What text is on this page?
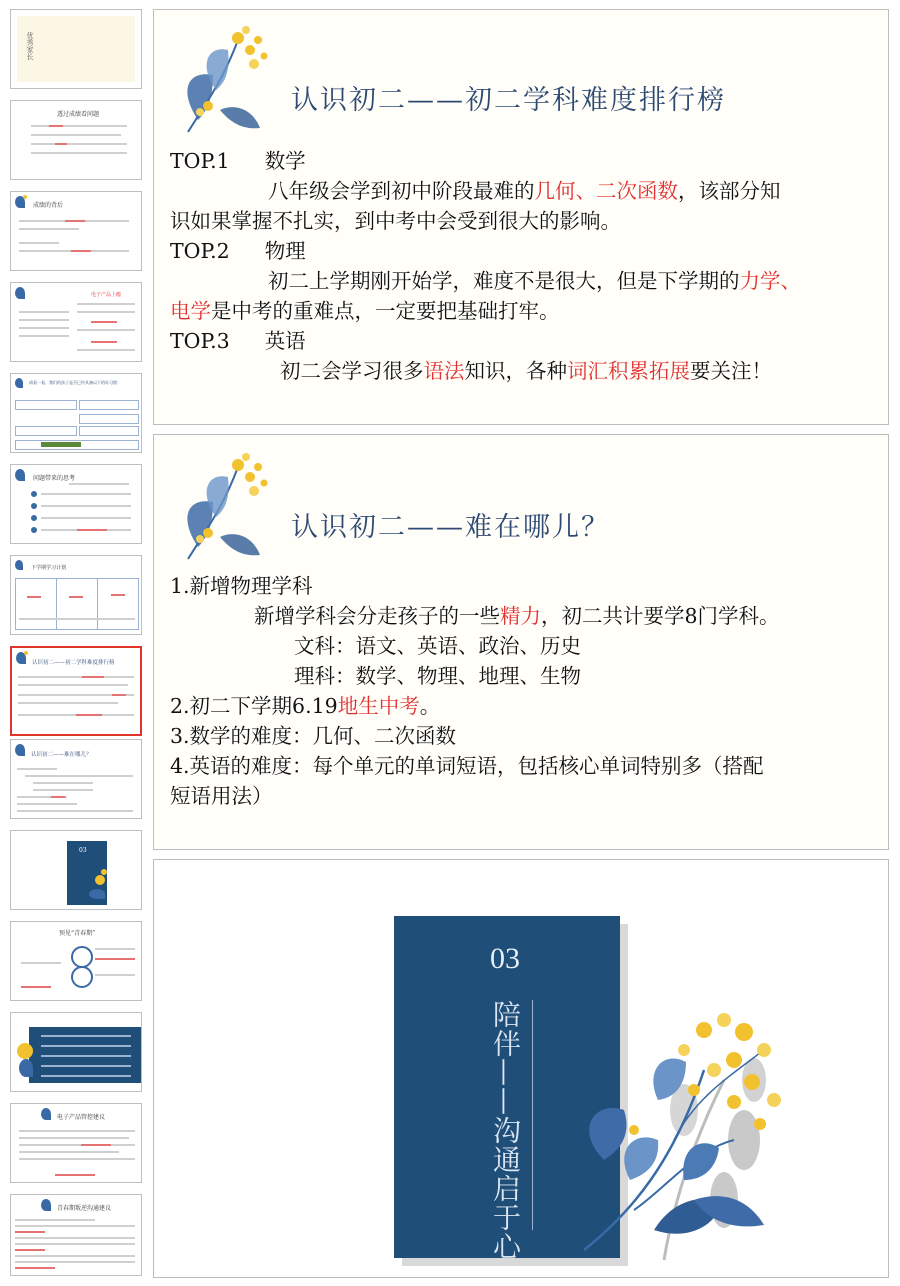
优秀家长
透过成绩看问题
成绩的背后
电子产品上瘾
请看一看，我们的孩子是否已经具备以下的好习惯：
问题带来的思考
下学期学习计划
认识初二——初二学科难度排行榜
认识初二——难在哪儿？
03
预见“青春期”
电子产品管控建议
青春期叛逆沟通建议
认识初二——初二学科难度排行榜
TOP.1 数学
八年级会学到初中阶段最难的几何、二次函数，该部分知
识如果掌握不扎实，到中考中会受到很大的影响。
TOP.2 物理
初二上学期刚开始学，难度不是很大，但是下学期的力学、
电学是中考的重难点，一定要把基础打牢。
TOP.3 英语
初二会学习很多语法知识，各种词汇积累拓展要关注！
认识初二——难在哪儿？
1.新增物理学科
新增学科会分走孩子的一些精力，初二共计要学8门学科。
文科：语文、英语、政治、历史
理科：数学、物理、地理、生物
2.初二下学期6.19地生中考。
3.数学的难度：几何、二次函数
4.英语的难度：每个单元的单词短语，包括核心单词特别多（搭配
短语用法）
03
陪伴——沟通启于心
